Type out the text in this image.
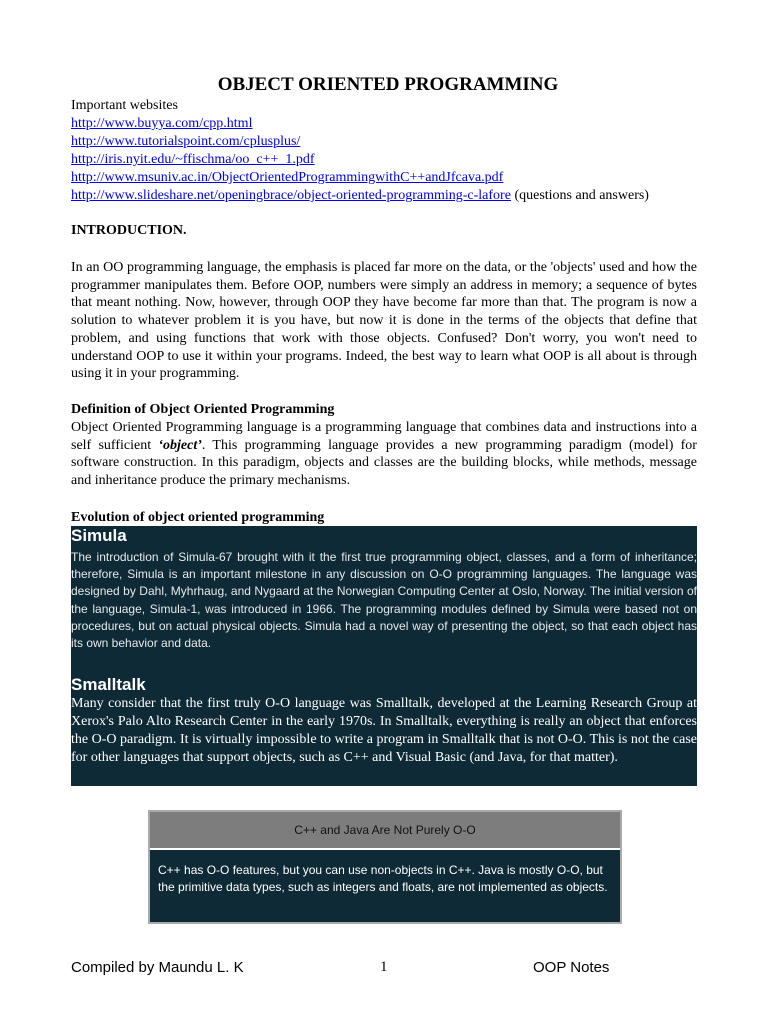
OBJECT ORIENTED PROGRAMMING
Important websites
http://www.buyya.com/cpp.html
http://www.tutorialspoint.com/cplusplus/
http://iris.nyit.edu/~ffischma/oo_c++_1.pdf
http://www.msuniv.ac.in/ObjectOrientedProgrammingwithC++andJfcava.pdf
http://www.slideshare.net/openingbrace/object-oriented-programming-c-lafore (questions and answers)
INTRODUCTION.
In an OO programming language, the emphasis is placed far more on the data, or the 'objects' used and how the programmer manipulates them. Before OOP, numbers were simply an address in memory; a sequence of bytes that meant nothing. Now, however, through OOP they have become far more than that. The program is now a solution to whatever problem it is you have, but now it is done in the terms of the objects that define that problem, and using functions that work with those objects. Confused? Don't worry, you won't need to understand OOP to use it within your programs. Indeed, the best way to learn what OOP is all about is through using it in your programming.
Definition of Object Oriented Programming
Object Oriented Programming language is a programming language that combines data and instructions into a self sufficient ‘object’. This programming language provides a new programming paradigm (model) for software construction. In this paradigm, objects and classes are the building blocks, while methods, message and inheritance produce the primary mechanisms.
Evolution of object oriented programming
Simula
The introduction of Simula-67 brought with it the first true programming object, classes, and a form of inheritance; therefore, Simula is an important milestone in any discussion on O-O programming languages. The language was designed by Dahl, Myhrhaug, and Nygaard at the Norwegian Computing Center at Oslo, Norway. The initial version of the language, Simula-1, was introduced in 1966. The programming modules defined by Simula were based not on procedures, but on actual physical objects. Simula had a novel way of presenting the object, so that each object has its own behavior and data.
Smalltalk
Many consider that the first truly O-O language was Smalltalk, developed at the Learning Research Group at Xerox's Palo Alto Research Center in the early 1970s. In Smalltalk, everything is really an object that enforces the O-O paradigm. It is virtually impossible to write a program in Smalltalk that is not O-O. This is not the case for other languages that support objects, such as C++ and Visual Basic (and Java, for that matter).
C++ and Java Are Not Purely O-O
C++ has O-O features, but you can use non-objects in C++. Java is mostly O-O, but the primitive data types, such as integers and floats, are not implemented as objects.
Compiled by Maundu L. K	1	OOP Notes
